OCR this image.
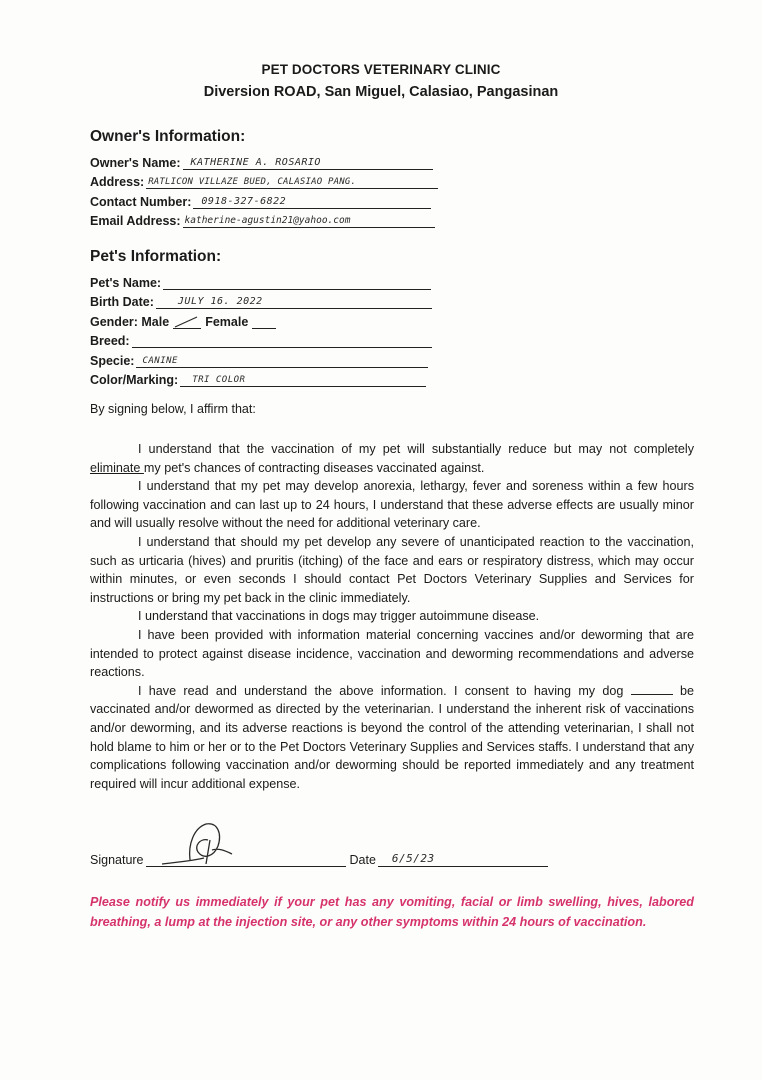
PET DOCTORS VETERINARY CLINIC
Diversion ROAD, San Miguel, Calasiao, Pangasinan
Owner's Information:
Owner's Name: KATHERINE A. ROSARIO
Address: RATLICON VILLAZE BUED, CALASIAO PANG.
Contact Number: 0918-327-6822
Email Address: katherine-agustin21@yahoo.com
Pet's Information:
Pet's Name:
Birth Date: JULY 16. 2022
Gender: Male	Female
Breed:
Specie: CANINE
Color/Marking: TRI COLOR
By signing below, I affirm that:

I understand that the vaccination of my pet will substantially reduce but may not completely eliminate my pet's chances of contracting diseases vaccinated against.

I understand that my pet may develop anorexia, lethargy, fever and soreness within a few hours following vaccination and can last up to 24 hours, I understand that these adverse effects are usually minor and will usually resolve without the need for additional veterinary care.

I understand that should my pet develop any severe of unanticipated reaction to the vaccination, such as urticaria (hives) and pruritis (itching) of the face and ears or respiratory distress, which may occur within minutes, or even seconds I should contact Pet Doctors Veterinary Supplies and Services for instructions or bring my pet back in the clinic immediately.

I understand that vaccinations in dogs may trigger autoimmune disease.

I have been provided with information material concerning vaccines and/or deworming that are intended to protect against disease incidence, vaccination and deworming recommendations and adverse reactions.

I have read and understand the above information. I consent to having my dog	be vaccinated and/or dewormed as directed by the veterinarian. I understand the inherent risk of vaccinations and/or deworming, and its adverse reactions is beyond the control of the attending veterinarian, I shall not hold blame to him or her or to the Pet Doctors Veterinary Supplies and Services staffs. I understand that any complications following vaccination and/or deworming should be reported immediately and any treatment required will incur additional expense.

Signature	Date 6/5/23
Please notify us immediately if your pet has any vomiting, facial or limb swelling, hives, labored breathing, a lump at the injection site, or any other symptoms within 24 hours of vaccination.
